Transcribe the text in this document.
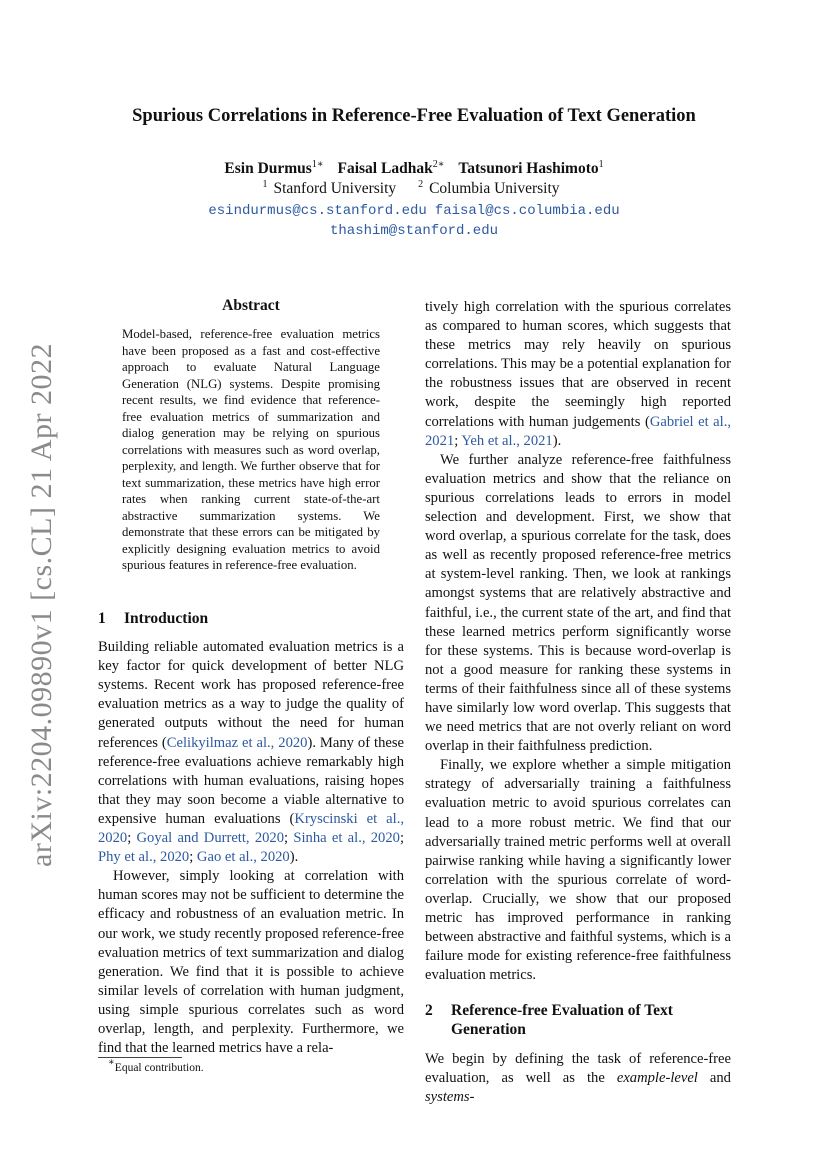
arXiv:2204.09890v1 [cs.CL] 21 Apr 2022
Spurious Correlations in Reference-Free Evaluation of Text Generation
Esin Durmus$^{1∗}$ Faisal Ladhak$^{2∗}$ Tatsunori Hashimoto$^1$
$^1$ Stanford University $^2$ Columbia University
esindurmus@cs.stanford.edu faisal@cs.columbia.edu
thashim@stanford.edu
Abstract

Model-based, reference-free evaluation metrics have been proposed as a fast and cost-effective approach to evaluate Natural Language Generation (NLG) systems. Despite promising recent results, we find evidence that reference-free evaluation metrics of summarization and dialog generation may be relying on spurious correlations with measures such as word overlap, perplexity, and length. We further observe that for text summarization, these metrics have high error rates when ranking current state-of-the-art abstractive summarization systems. We demonstrate that these errors can be mitigated by explicitly designing evaluation metrics to avoid spurious features in reference-free evaluation.

1 Introduction

Building reliable automated evaluation metrics is a key factor for quick development of better NLG systems. Recent work has proposed reference-free evaluation metrics as a way to judge the quality of generated outputs without the need for human references (Celikyilmaz et al., 2020). Many of these reference-free evaluations achieve remarkably high correlations with human evaluations, raising hopes that they may soon become a viable alternative to expensive human evaluations (Kryscinski et al., 2020; Goyal and Durrett, 2020; Sinha et al., 2020; Phy et al., 2020; Gao et al., 2020).

However, simply looking at correlation with human scores may not be sufficient to determine the efficacy and robustness of an evaluation metric. In our work, we study recently proposed reference-free evaluation metrics of text summarization and dialog generation. We find that it is possible to achieve similar levels of correlation with human judgment, using simple spurious correlates such as word overlap, length, and perplexity. Furthermore, we find that the learned metrics have a rela-

tively high correlation with the spurious correlates as compared to human scores, which suggests that these metrics may rely heavily on spurious correlations. This may be a potential explanation for the robustness issues that are observed in recent work, despite the seemingly high reported correlations with human judgements (Gabriel et al., 2021; Yeh et al., 2021).

We further analyze reference-free faithfulness evaluation metrics and show that the reliance on spurious correlations leads to errors in model selection and development. First, we show that word overlap, a spurious correlate for the task, does as well as recently proposed reference-free metrics at system-level ranking. Then, we look at rankings amongst systems that are relatively abstractive and faithful, i.e., the current state of the art, and find that these learned metrics perform significantly worse for these systems. This is because word-overlap is not a good measure for ranking these systems in terms of their faithfulness since all of these systems have similarly low word overlap. This suggests that we need metrics that are not overly reliant on word overlap in their faithfulness prediction.

Finally, we explore whether a simple mitigation strategy of adversarially training a faithfulness evaluation metric to avoid spurious correlates can lead to a more robust metric. We find that our adversarially trained metric performs well at overall pairwise ranking while having a significantly lower correlation with the spurious correlate of word-overlap. Crucially, we show that our proposed metric has improved performance in ranking between abstractive and faithful systems, which is a failure mode for existing reference-free faithfulness evaluation metrics.

2	Reference-free Evaluation of Text
Generation

We begin by defining the task of reference-free evaluation, as well as the example-level and systems-

∗Equal contribution.
